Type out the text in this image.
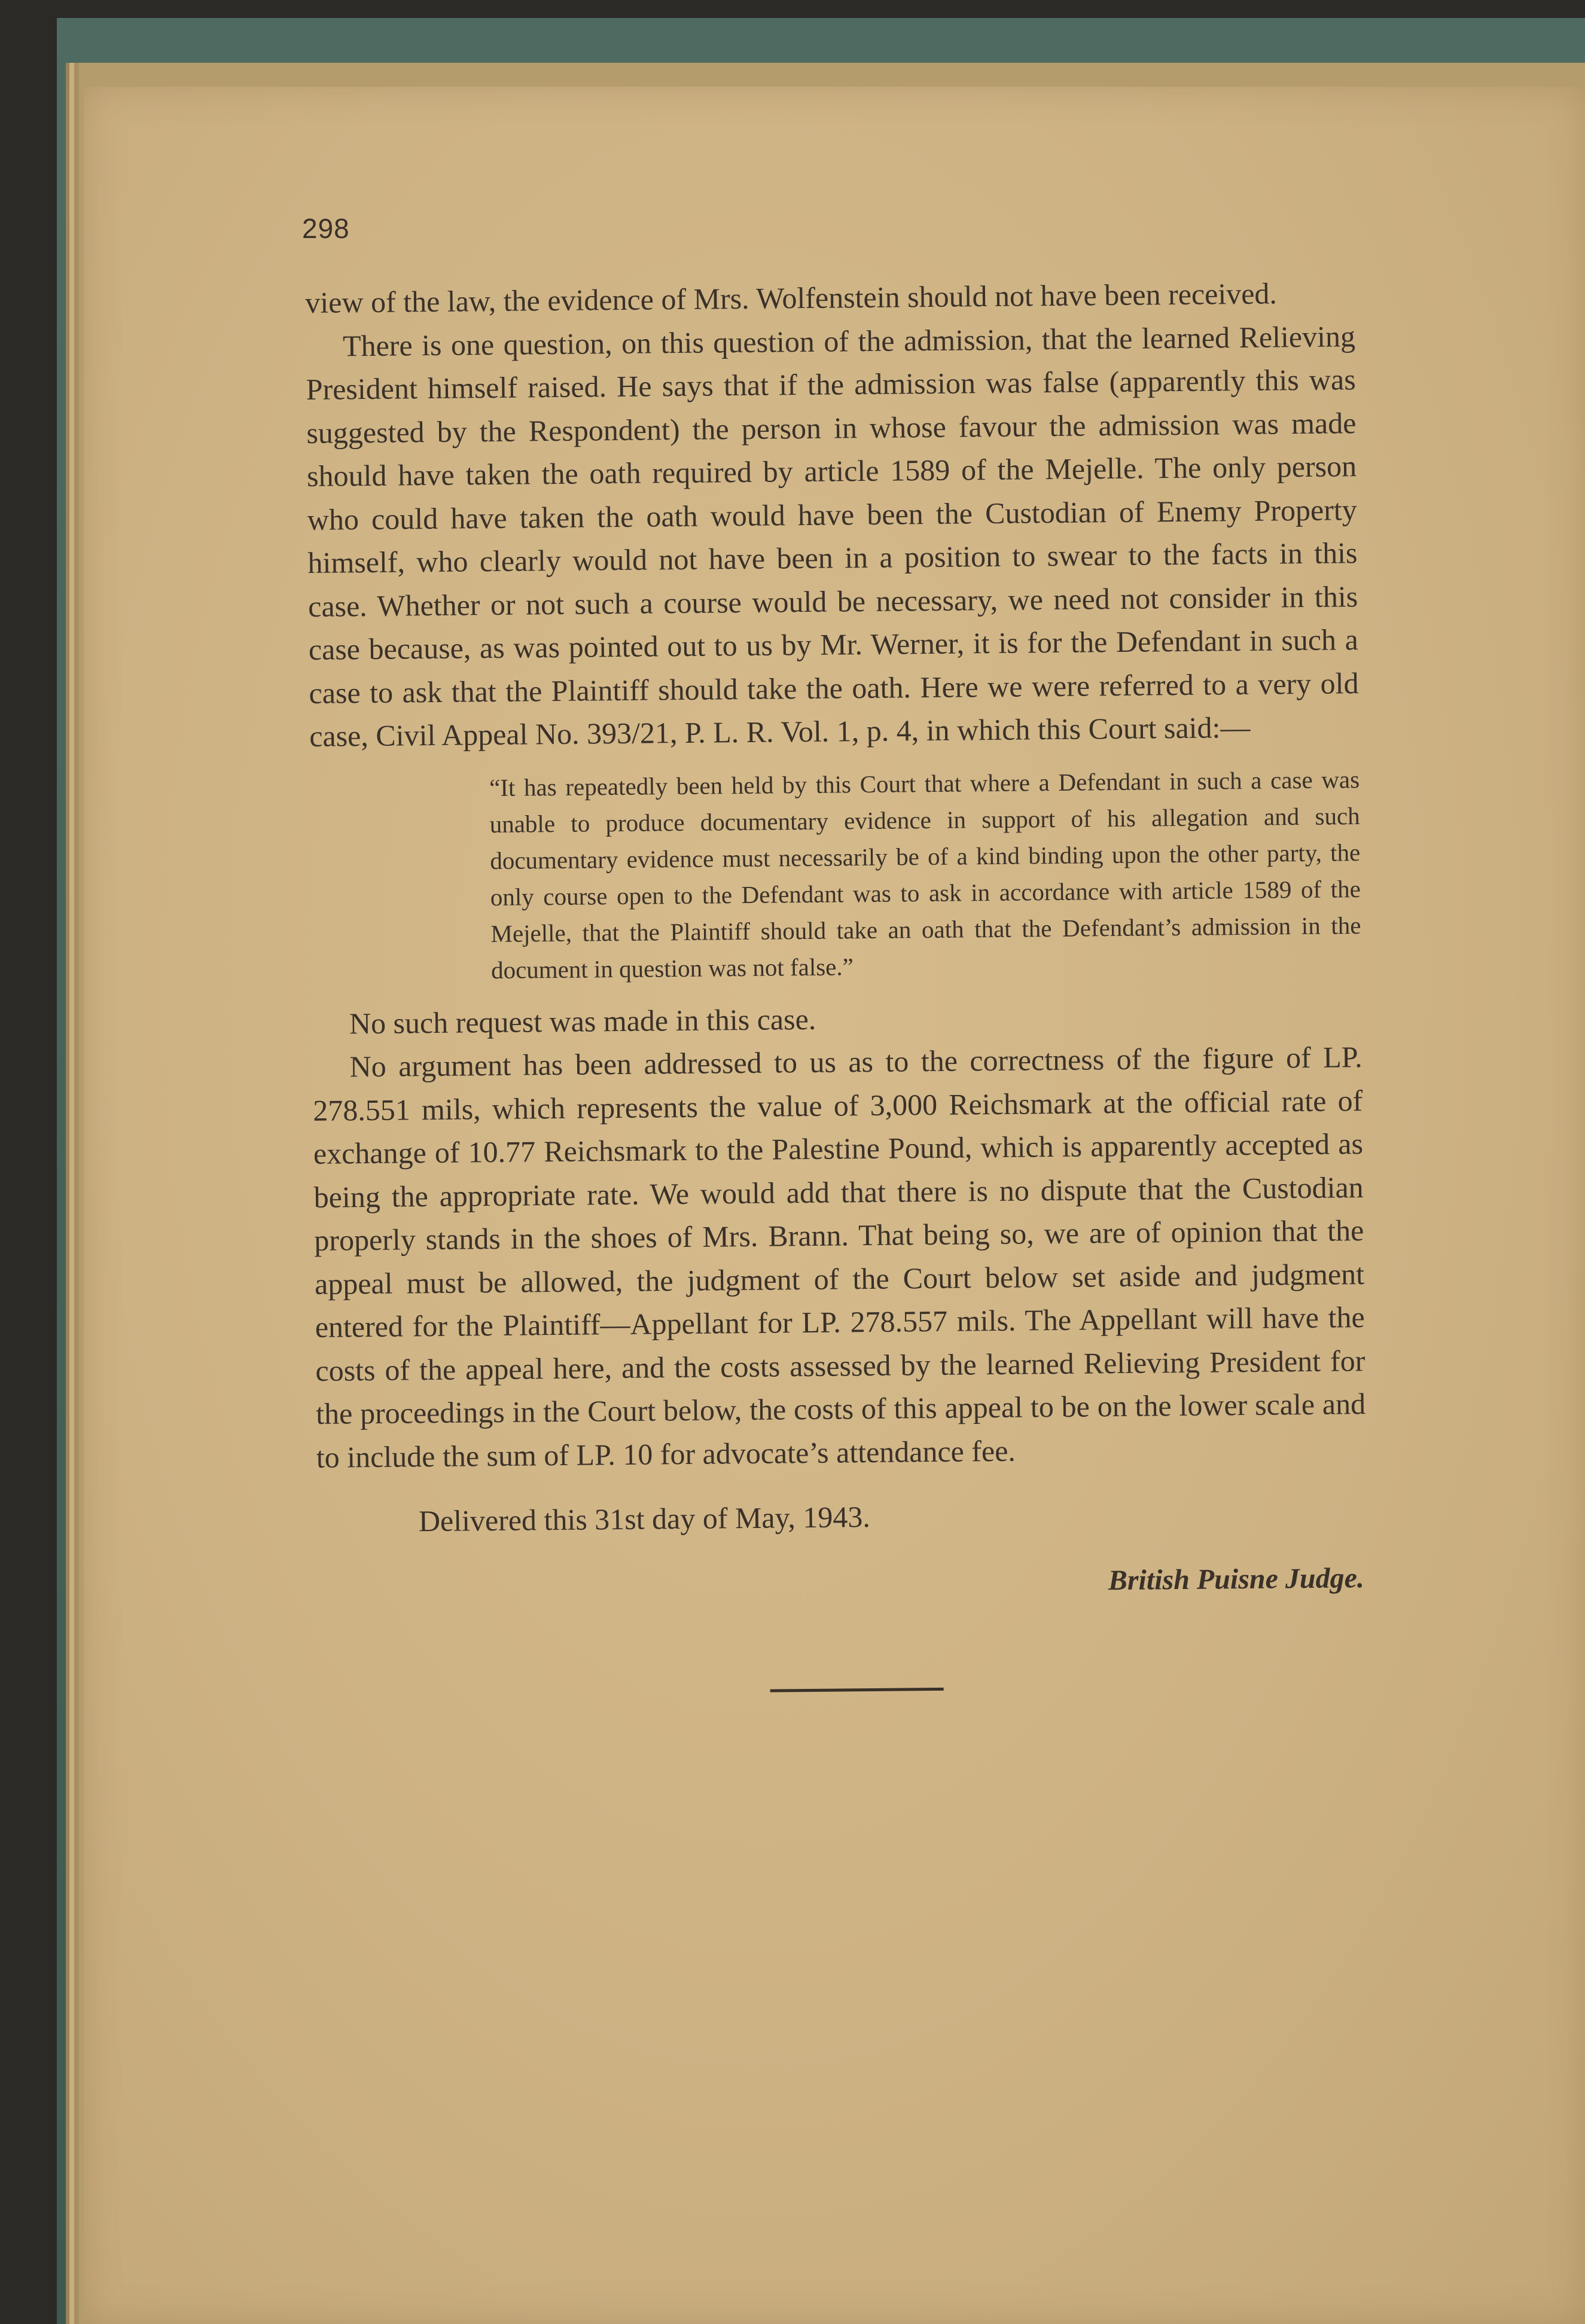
298

view of the law, the evidence of Mrs. Wolfenstein should not have been received.

There is one question, on this question of the admission, that the learned Relieving President himself raised. He says that if the admission was false (apparently this was suggested by the Respondent) the person in whose favour the admission was made should have taken the oath required by article 1589 of the Mejelle. The only person who could have taken the oath would have been the Custodian of Enemy Property himself, who clearly would not have been in a position to swear to the facts in this case. Whether or not such a course would be necessary, we need not consider in this case because, as was pointed out to us by Mr. Werner, it is for the Defendant in such a case to ask that the Plaintiff should take the oath. Here we were referred to a very old case, Civil Appeal No. 393/21, P. L. R. Vol. 1, p. 4, in which this Court said:—

“It has repeatedly been held by this Court that where a Defendant in such a case was unable to produce documentary evidence in support of his allegation and such documentary evidence must necessarily be of a kind binding upon the other party, the only course open to the Defendant was to ask in accordance with article 1589 of the Mejelle, that the Plaintiff should take an oath that the Defendant’s admission in the document in question was not false.”

No such request was made in this case.

No argument has been addressed to us as to the correctness of the figure of LP. 278.551 mils, which represents the value of 3,000 Reichsmark at the official rate of exchange of 10.77 Reichsmark to the Palestine Pound, which is apparently accepted as being the appropriate rate. We would add that there is no dispute that the Custodian properly stands in the shoes of Mrs. Brann. That being so, we are of opinion that the appeal must be allowed, the judgment of the Court below set aside and judgment entered for the Plaintiff—Appellant for LP. 278.557 mils. The Appellant will have the costs of the appeal here, and the costs assessed by the learned Relieving President for the proceedings in the Court below, the costs of this appeal to be on the lower scale and to include the sum of LP. 10 for advocate’s attendance fee.

Delivered this 31st day of May, 1943.

British Puisne Judge.
